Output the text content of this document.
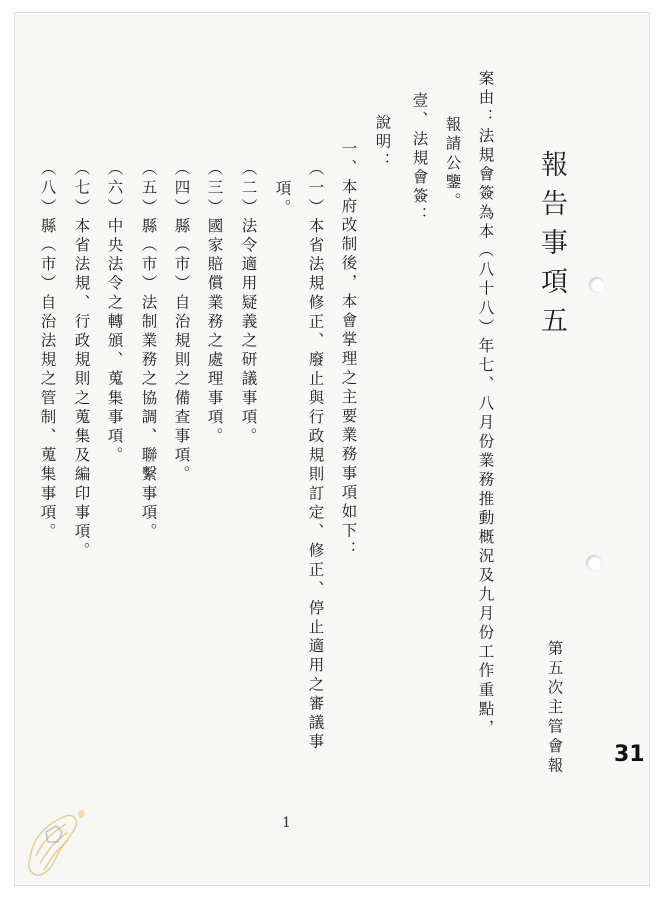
報告事項五
第五次主管會報 31
案由：法規會簽為本（八十八）年七、八月份業務推動概況及九月份工作重點，
報請公鑒。
壹、法規會簽：
說明：
一、本府改制後，本會掌理之主要業務事項如下：
（一）本省法規修正、廢止與行政規則訂定、修正、停止適用之審議事
項。
（二）法令適用疑義之研議事項。
（三）國家賠償業務之處理事項。
（四）縣（市）自治規則之備查事項。
（五）縣（市）法制業務之協調、聯繫事項。
（六）中央法令之轉頒、蒐集事項。
（七）本省法規、行政規則之蒐集及編印事項。
（八）縣（市）自治法規之管制、蒐集事項。
1
